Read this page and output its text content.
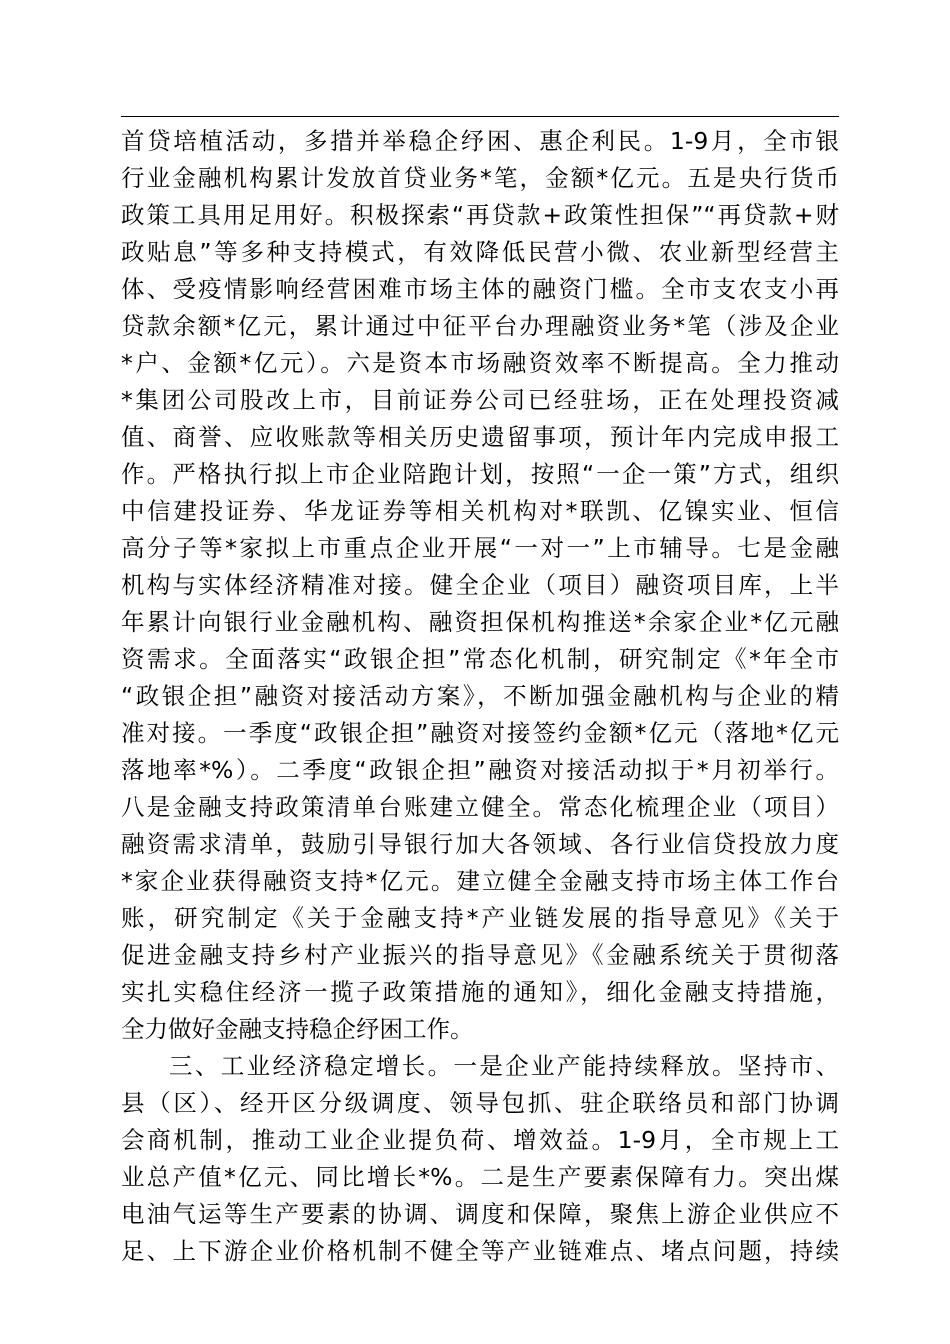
首贷培植活动，多措并举稳企纾困、惠企利民。1-9月，全市银
行业金融机构累计发放首贷业务*笔，金额*亿元。五是央行货币
政策工具用足用好。积极探索“再贷款+政策性担保”“再贷款+财
政贴息”等多种支持模式，有效降低民营小微、农业新型经营主
体、受疫情影响经营困难市场主体的融资门槛。全市支农支小再
贷款余额*亿元，累计通过中征平台办理融资业务*笔（涉及企业
*户、金额*亿元）。六是资本市场融资效率不断提高。全力推动
*集团公司股改上市，目前证券公司已经驻场，正在处理投资减
值、商誉、应收账款等相关历史遗留事项，预计年内完成申报工
作。严格执行拟上市企业陪跑计划，按照“一企一策”方式，组织
中信建投证券、华龙证券等相关机构对*联凯、亿镍实业、恒信
高分子等*家拟上市重点企业开展“一对一”上市辅导。七是金融
机构与实体经济精准对接。健全企业（项目）融资项目库，上半
年累计向银行业金融机构、融资担保机构推送*余家企业*亿元融
资需求。全面落实“政银企担”常态化机制，研究制定《*年全市
“政银企担”融资对接活动方案》，不断加强金融机构与企业的精
准对接。一季度“政银企担”融资对接签约金额*亿元（落地*亿元
落地率*%）。二季度“政银企担”融资对接活动拟于*月初举行。
八是金融支持政策清单台账建立健全。常态化梳理企业（项目）
融资需求清单，鼓励引导银行加大各领域、各行业信贷投放力度
*家企业获得融资支持*亿元。建立健全金融支持市场主体工作台
账，研究制定《关于金融支持*产业链发展的指导意见》《关于
促进金融支持乡村产业振兴的指导意见》《金融系统关于贯彻落
实扎实稳住经济一揽子政策措施的通知》，细化金融支持措施，
全力做好金融支持稳企纾困工作。
三、工业经济稳定增长。一是企业产能持续释放。坚持市、
县（区）、经开区分级调度、领导包抓、驻企联络员和部门协调
会商机制，推动工业企业提负荷、增效益。1-9月，全市规上工
业总产值*亿元、同比增长*%。二是生产要素保障有力。突出煤
电油气运等生产要素的协调、调度和保障，聚焦上游企业供应不
足、上下游企业价格机制不健全等产业链难点、堵点问题，持续
